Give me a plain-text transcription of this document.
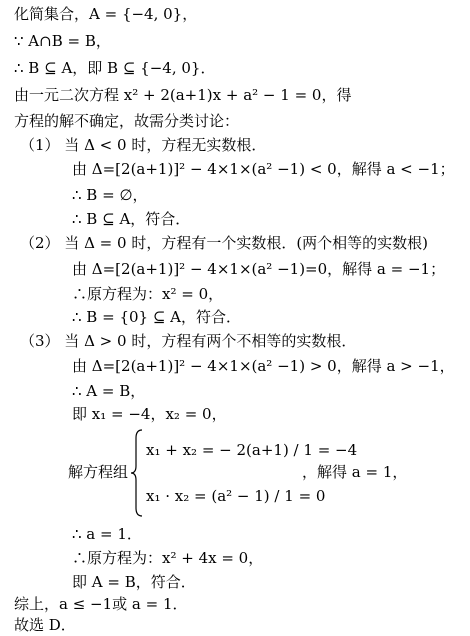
化简集合，A = {−4, 0}，
∵ A∩B = B，
∴ B ⊆ A，即 B ⊆ {−4, 0}．
由一元二次方程 x² + 2(a+1)x + a² − 1 = 0，得
方程的解不确定，故需分类讨论：
（1） 当 Δ < 0 时，方程无实数根．
由 Δ=[2(a+1)]² − 4×1×(a² −1) < 0，解得 a < −1；
∴ B = ∅，
∴ B ⊆ A，符合．
（2） 当 Δ = 0 时，方程有一个实数根．(两个相等的实数根)
由 Δ=[2(a+1)]² − 4×1×(a² −1)=0，解得 a = −1；
∴原方程为：x² = 0，
∴ B = {0} ⊆ A，符合．
（3） 当 Δ > 0 时，方程有两个不相等的实数根．
由 Δ=[2(a+1)]² − 4×1×(a² −1) > 0，解得 a > −1，
∴ A = B，
即 x₁ = −4，x₂ = 0，
解方程组
x₁ + x₂ = − 2(a+1) / 1 = −4
x₁ · x₂ = (a² − 1) / 1 = 0
，解得 a = 1，
∴ a = 1．
∴原方程为：x² + 4x = 0，
即 A = B，符合．
综上，a ≤ −1或 a = 1．
故选 D．
